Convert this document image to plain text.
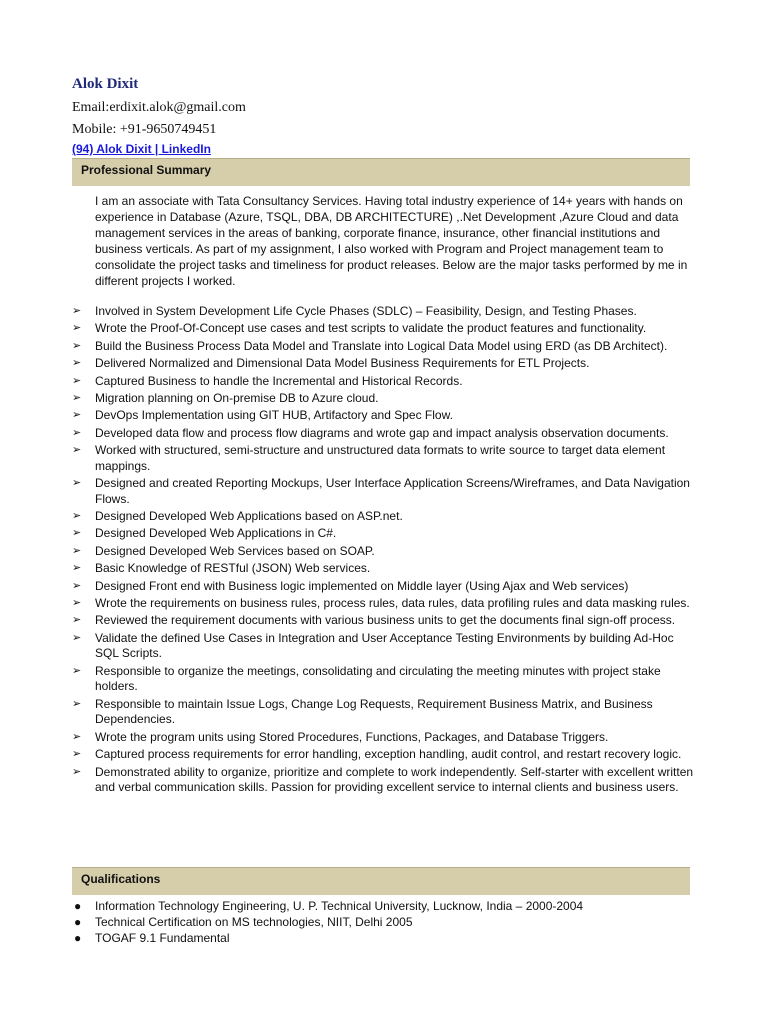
Alok Dixit
Email:erdixit.alok@gmail.com
Mobile: +91-9650749451
(94) Alok Dixit | LinkedIn
Professional Summary
I am an associate with Tata Consultancy Services. Having total industry experience of 14+ years with hands on experience in Database (Azure, TSQL, DBA, DB ARCHITECTURE) ,.Net Development ,Azure Cloud and data management services in the areas of banking, corporate finance, insurance, other financial institutions and business verticals. As part of my assignment, I also worked with Program and Project management team to consolidate the project tasks and timeliness for product releases. Below are the major tasks performed by me in different projects I worked.
➢ Involved in System Development Life Cycle Phases (SDLC) – Feasibility, Design, and Testing Phases.
➢ Wrote the Proof-Of-Concept use cases and test scripts to validate the product features and functionality.
➢ Build the Business Process Data Model and Translate into Logical Data Model using ERD (as DB Architect).
➢ Delivered Normalized and Dimensional Data Model Business Requirements for ETL Projects.
➢ Captured Business to handle the Incremental and Historical Records.
➢ Migration planning on On-premise DB to Azure cloud.
➢ DevOps Implementation using GIT HUB, Artifactory and Spec Flow.
➢ Developed data flow and process flow diagrams and wrote gap and impact analysis observation documents.
➢ Worked with structured, semi-structure and unstructured data formats to write source to target data element mappings.
➢ Designed and created Reporting Mockups, User Interface Application Screens/Wireframes, and Data Navigation Flows.
➢ Designed Developed Web Applications based on ASP.net.
➢ Designed Developed Web Applications in C#.
➢ Designed Developed Web Services based on SOAP.
➢ Basic Knowledge of RESTful (JSON) Web services.
➢ Designed Front end with Business logic implemented on Middle layer (Using Ajax and Web services)
➢ Wrote the requirements on business rules, process rules, data rules, data profiling rules and data masking rules.
➢ Reviewed the requirement documents with various business units to get the documents final sign-off process.
➢ Validate the defined Use Cases in Integration and User Acceptance Testing Environments by building Ad-Hoc SQL Scripts.
➢ Responsible to organize the meetings, consolidating and circulating the meeting minutes with project stake holders.
➢ Responsible to maintain Issue Logs, Change Log Requests, Requirement Business Matrix, and Business Dependencies.
➢ Wrote the program units using Stored Procedures, Functions, Packages, and Database Triggers.
➢ Captured process requirements for error handling, exception handling, audit control, and restart recovery logic.
➢ Demonstrated ability to organize, prioritize and complete to work independently. Self-starter with excellent written and verbal communication skills. Passion for providing excellent service to internal clients and business users.
Qualifications
● Information Technology Engineering, U. P. Technical University, Lucknow, India – 2000-2004
● Technical Certification on MS technologies, NIIT, Delhi 2005
● TOGAF 9.1 Fundamental
